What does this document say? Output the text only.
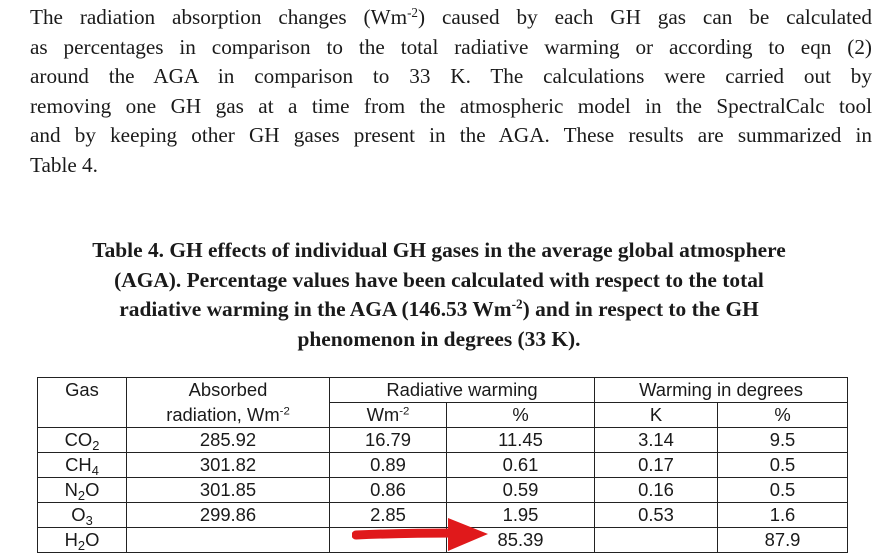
The radiation absorption changes $(Wm^{-2})$ caused by each GH gas can be calculated
as percentages in comparison to the total radiative warming or according to eqn (2)
around the AGA in comparison to 33 K. The calculations were carried out by
removing one GH gas at a time from the atmospheric model in the SpectralCalc tool
and by keeping other GH gases present in the AGA. These results are summarized in
Table 4.
Table 4. GH effects of individual GH gases in the average global atmosphere
(AGA). Percentage values have been calculated with respect to the total
radiative warming in the AGA (146.53 $Wm^{-2}$) and in respect to the GH
phenomenon in degrees (33 K).
Gas	Absorbed	Radiative warming		Warming in degrees	
	radiation, $Wm^{-2}$	$Wm^{-2}$	%	K	%
$CO_2$	285.92	16.79	11.45	3.14	9.5
$CH_4$	301.82	0.89	0.61	0.17	0.5
$N_2O$	301.85	0.86	0.59	0.16	0.5
$O_3$	299.86	2.85	1.95	0.53	1.6
$H_2O$			85.39		87.9
